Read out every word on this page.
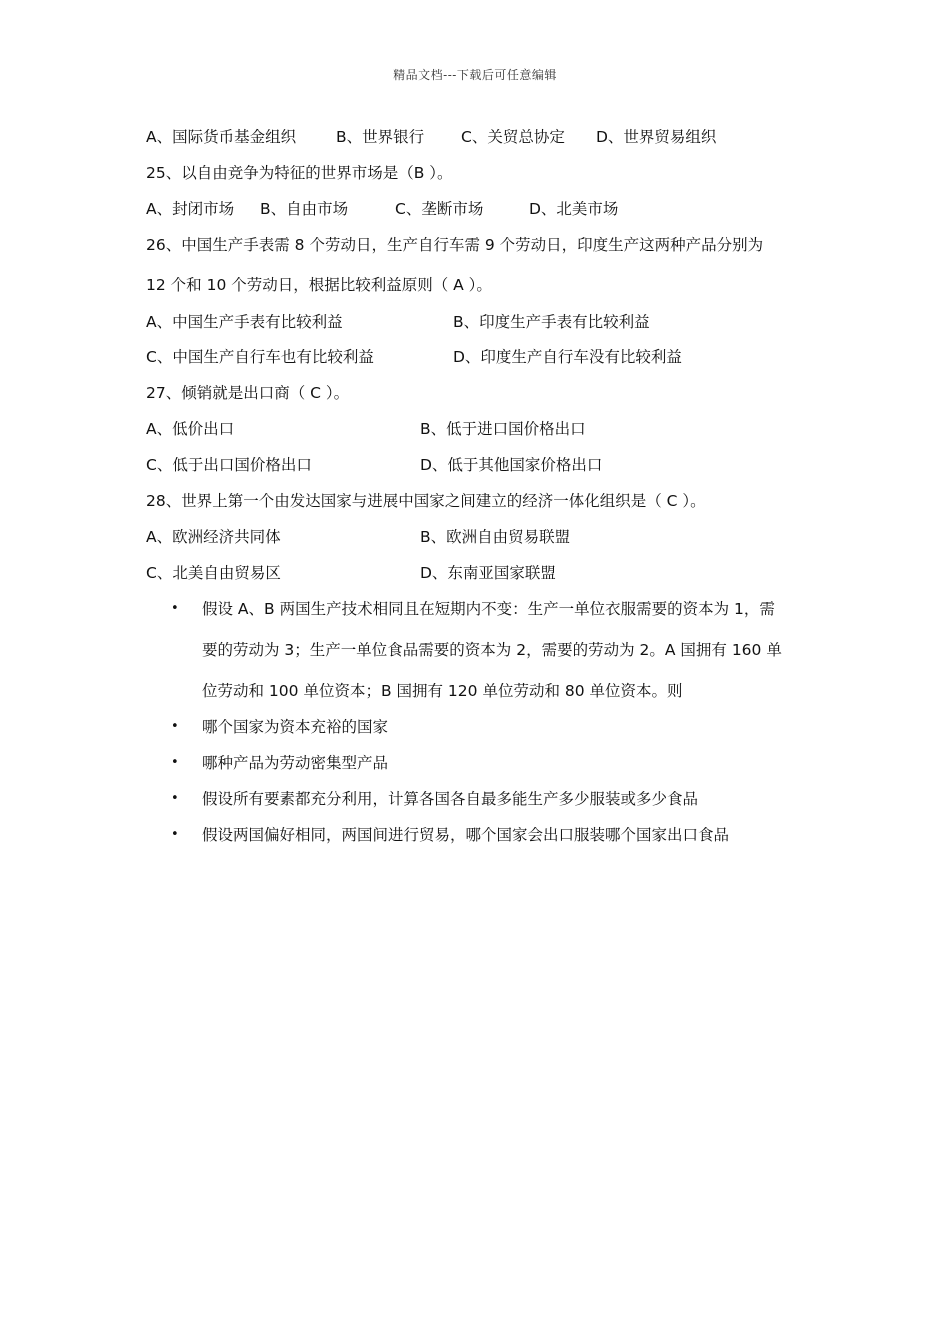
精品文档---下载后可任意编辑
A、国际货币基金组织	B、世界银行 C、关贸总协定 D、世界贸易组织
25、以自由竞争为特征的世界市场是（B ）。
A、封闭市场 B、自由市场	C、垄断市场	D、北美市场
26、中国生产手表需 8 个劳动日，生产自行车需 9 个劳动日，印度生产这两种产品分别为
12 个和 10 个劳动日，根据比较利益原则（ A ）。
A、中国生产手表有比较利益	B、印度生产手表有比较利益
C、中国生产自行车也有比较利益	D、印度生产自行车没有比较利益
27、倾销就是出口商（ C ）。
A、低价出口	B、低于进口国价格出口
C、低于出口国价格出口	D、低于其他国家价格出口
28、世界上第一个由发达国家与进展中国家之间建立的经济一体化组织是（ C ）。
A、欧洲经济共同体	B、欧洲自由贸易联盟
C、北美自由贸易区	D、东南亚国家联盟
• 假设 A、B 两国生产技术相同且在短期内不变：生产一单位衣服需要的资本为 1，需
要的劳动为 3；生产一单位食品需要的资本为 2，需要的劳动为 2。A 国拥有 160 单
位劳动和 100 单位资本；B 国拥有 120 单位劳动和 80 单位资本。则
• 哪个国家为资本充裕的国家
• 哪种产品为劳动密集型产品
• 假设所有要素都充分利用，计算各国各自最多能生产多少服装或多少食品
• 假设两国偏好相同，两国间进行贸易，哪个国家会出口服装哪个国家出口食品
